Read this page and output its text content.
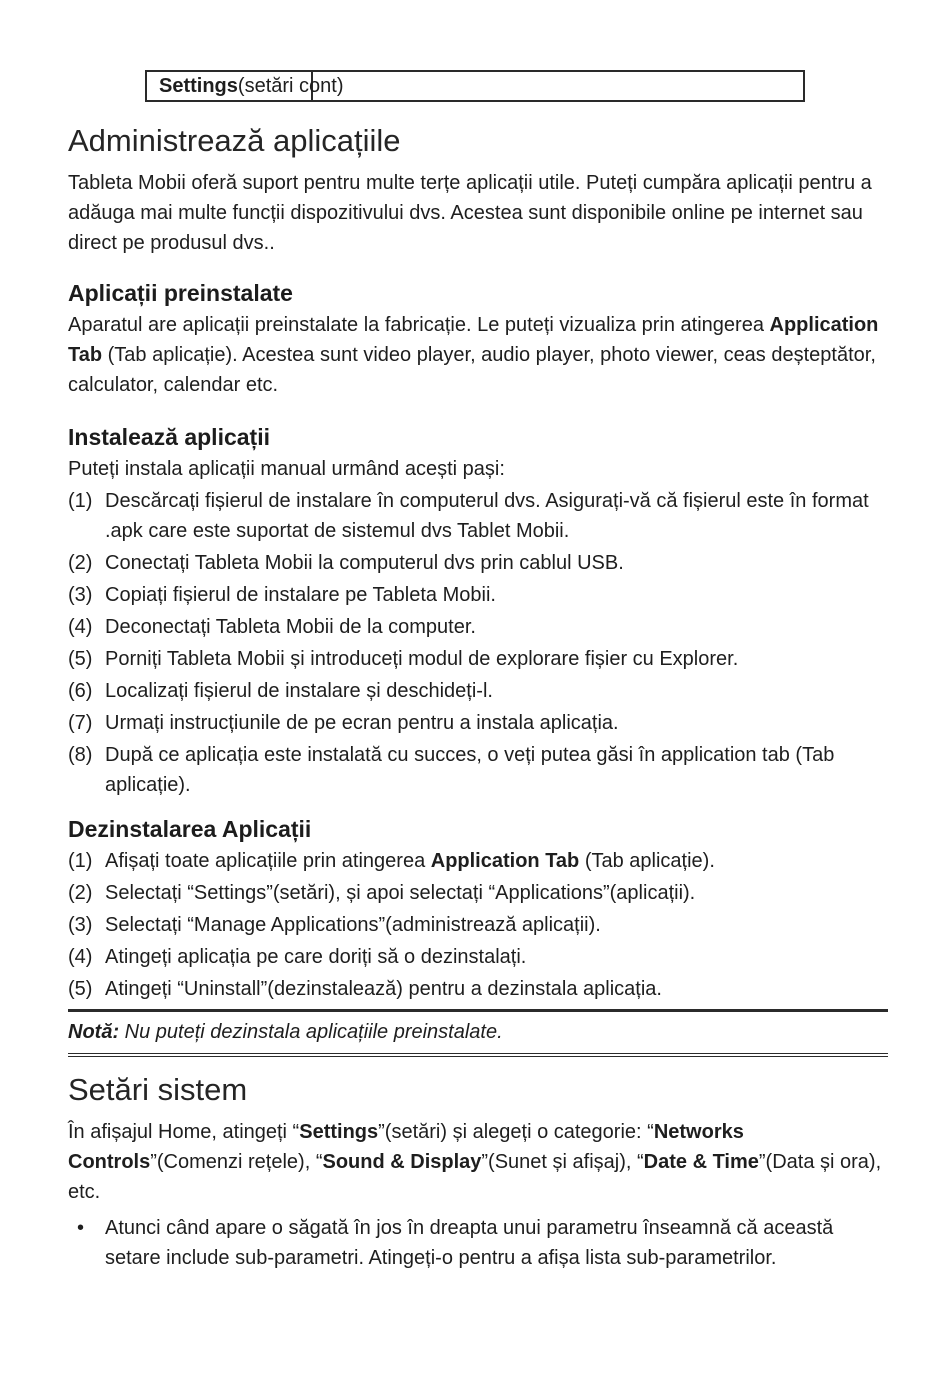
Settings (setări cont)
Administrează aplicațiile

Tableta Mobii oferă suport pentru multe terțe aplicații utile. Puteți cumpăra aplicații pentru a adăuga mai multe funcții dispozitivului dvs. Acestea sunt disponibile online pe internet sau direct pe produsul dvs..

Aplicații preinstalate

Aparatul are aplicații preinstalate la fabricație. Le puteți vizualiza prin atingerea Application Tab (Tab aplicație). Acestea sunt video player, audio player, photo viewer, ceas deșteptător, calculator, calendar etc.

Instalează aplicații

Puteți instala aplicații manual urmând acești pași:

(1) Descărcați fișierul de instalare în computerul dvs. Asigurați-vă că fișierul este în format .apk care este suportat de sistemul dvs Tablet Mobii.
(2) Conectați Tableta Mobii la computerul dvs prin cablul USB.
(3) Copiați fișierul de instalare pe Tableta Mobii.
(4) Deconectați Tableta Mobii de la computer.
(5) Porniți Tableta Mobii și introduceți modul de explorare fișier cu Explorer.
(6) Localizați fișierul de instalare și deschideți-l.
(7) Urmați instrucțiunile de pe ecran pentru a instala aplicația.
(8) După ce aplicația este instalată cu succes, o veți putea găsi în application tab (Tab aplicație).
Dezinstalarea Aplicații
(1) Afișați toate aplicațiile prin atingerea Application Tab (Tab aplicație).
(2) Selectați “Settings”(setări), și apoi selectați “Applications”(aplicații).
(3) Selectați “Manage Applications”(administrează aplicații).
(4) Atingeți aplicația pe care doriți să o dezinstalați.
(5) Atingeți “Uninstall”(dezinstalează) pentru a dezinstala aplicația.
Notă: Nu puteți dezinstala aplicațiile preinstalate.
Setări sistem

În afișajul Home, atingeți “Settings”(setări) și alegeți o categorie: “Networks Controls”(Comenzi rețele), “Sound & Display”(Sunet și afișaj), “Date & Time”(Data și ora), etc.

•	Atunci când apare o săgată în jos în dreapta unui parametru înseamnă că această setare include sub-parametri. Atingeți-o pentru a afișa lista sub-parametrilor.
